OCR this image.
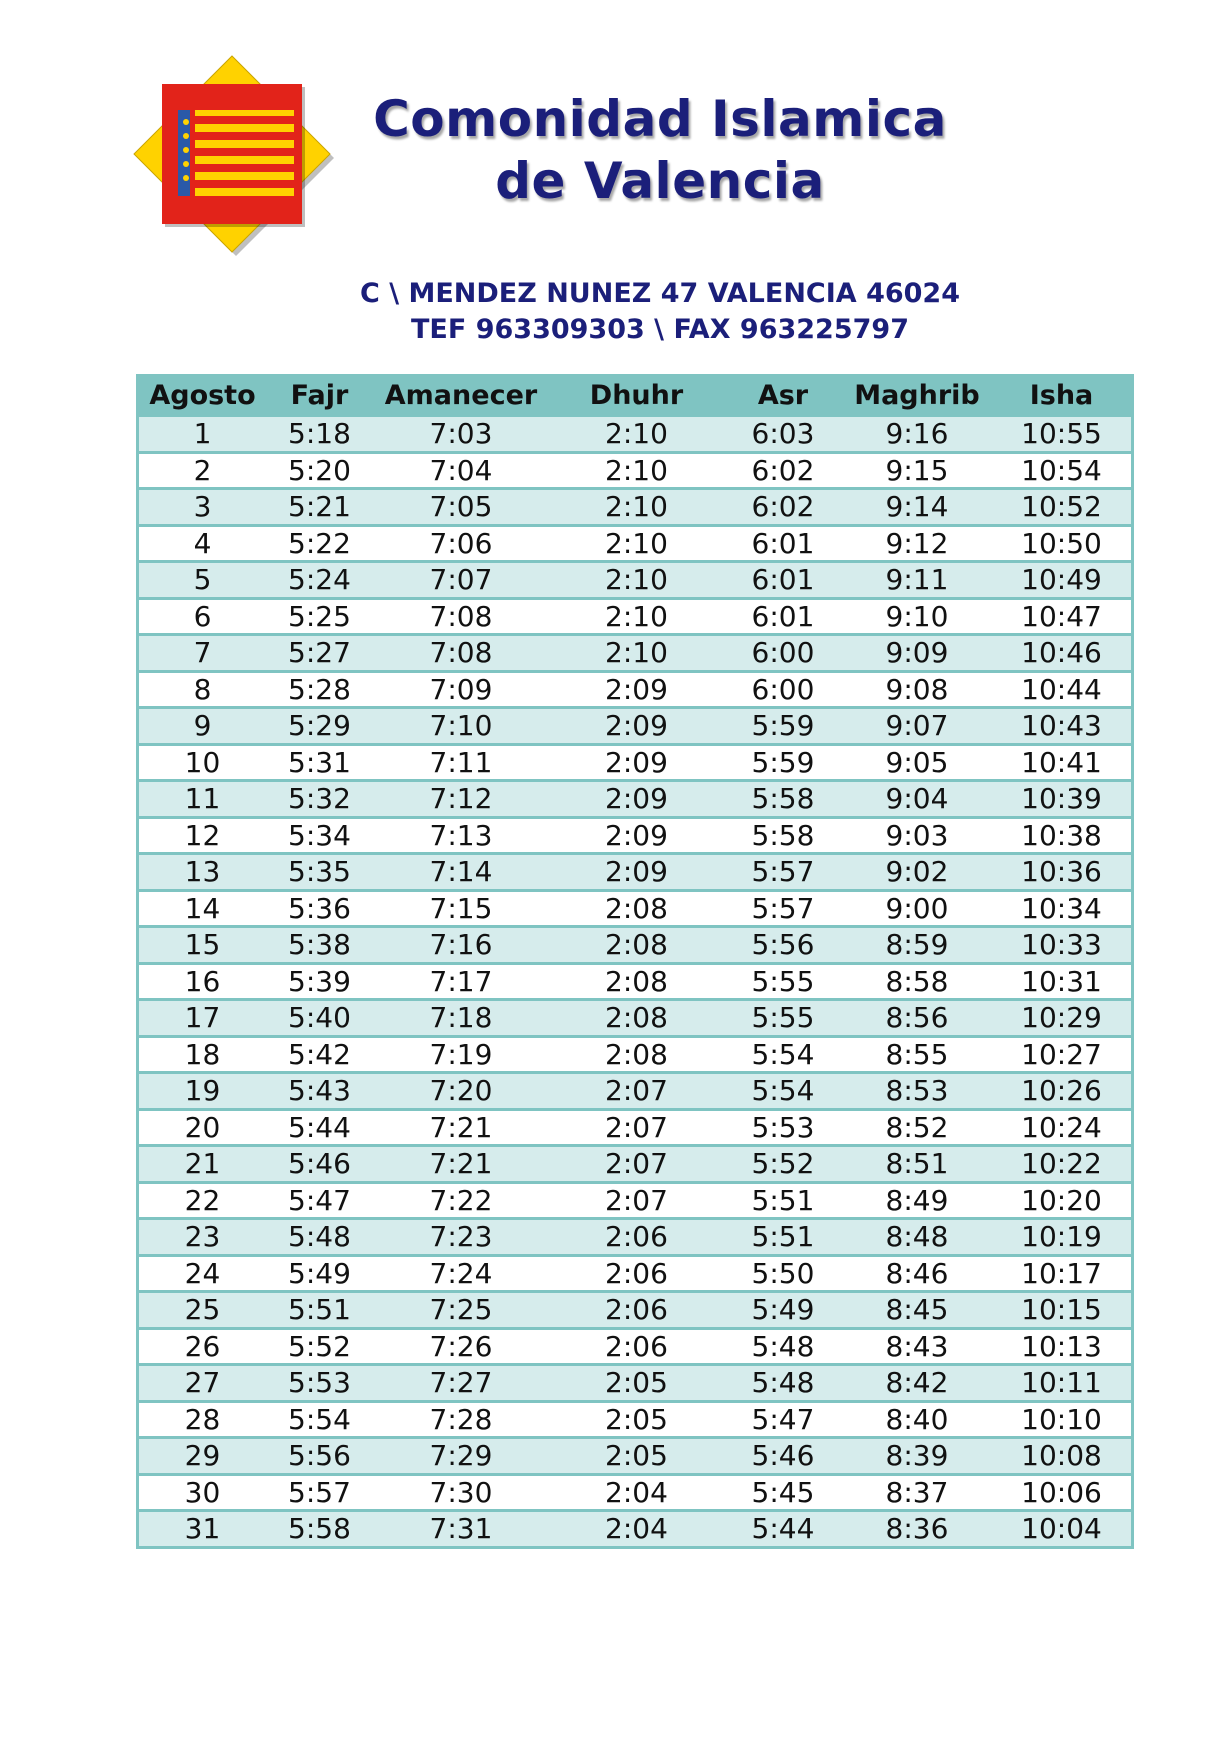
Comonidad Islamica
de Valencia
C \ MENDEZ NUNEZ 47 VALENCIA 46024
TEF 963309303 \ FAX 963225797
Agosto	Fajr	Amanecer	Dhuhr	Asr	Maghrib	Isha
1	5:18	7:03	2:10	6:03	9:16	10:55
2	5:20	7:04	2:10	6:02	9:15	10:54
3	5:21	7:05	2:10	6:02	9:14	10:52
4	5:22	7:06	2:10	6:01	9:12	10:50
5	5:24	7:07	2:10	6:01	9:11	10:49
6	5:25	7:08	2:10	6:01	9:10	10:47
7	5:27	7:08	2:10	6:00	9:09	10:46
8	5:28	7:09	2:09	6:00	9:08	10:44
9	5:29	7:10	2:09	5:59	9:07	10:43
10	5:31	7:11	2:09	5:59	9:05	10:41
11	5:32	7:12	2:09	5:58	9:04	10:39
12	5:34	7:13	2:09	5:58	9:03	10:38
13	5:35	7:14	2:09	5:57	9:02	10:36
14	5:36	7:15	2:08	5:57	9:00	10:34
15	5:38	7:16	2:08	5:56	8:59	10:33
16	5:39	7:17	2:08	5:55	8:58	10:31
17	5:40	7:18	2:08	5:55	8:56	10:29
18	5:42	7:19	2:08	5:54	8:55	10:27
19	5:43	7:20	2:07	5:54	8:53	10:26
20	5:44	7:21	2:07	5:53	8:52	10:24
21	5:46	7:21	2:07	5:52	8:51	10:22
22	5:47	7:22	2:07	5:51	8:49	10:20
23	5:48	7:23	2:06	5:51	8:48	10:19
24	5:49	7:24	2:06	5:50	8:46	10:17
25	5:51	7:25	2:06	5:49	8:45	10:15
26	5:52	7:26	2:06	5:48	8:43	10:13
27	5:53	7:27	2:05	5:48	8:42	10:11
28	5:54	7:28	2:05	5:47	8:40	10:10
29	5:56	7:29	2:05	5:46	8:39	10:08
30	5:57	7:30	2:04	5:45	8:37	10:06
31	5:58	7:31	2:04	5:44	8:36	10:04
